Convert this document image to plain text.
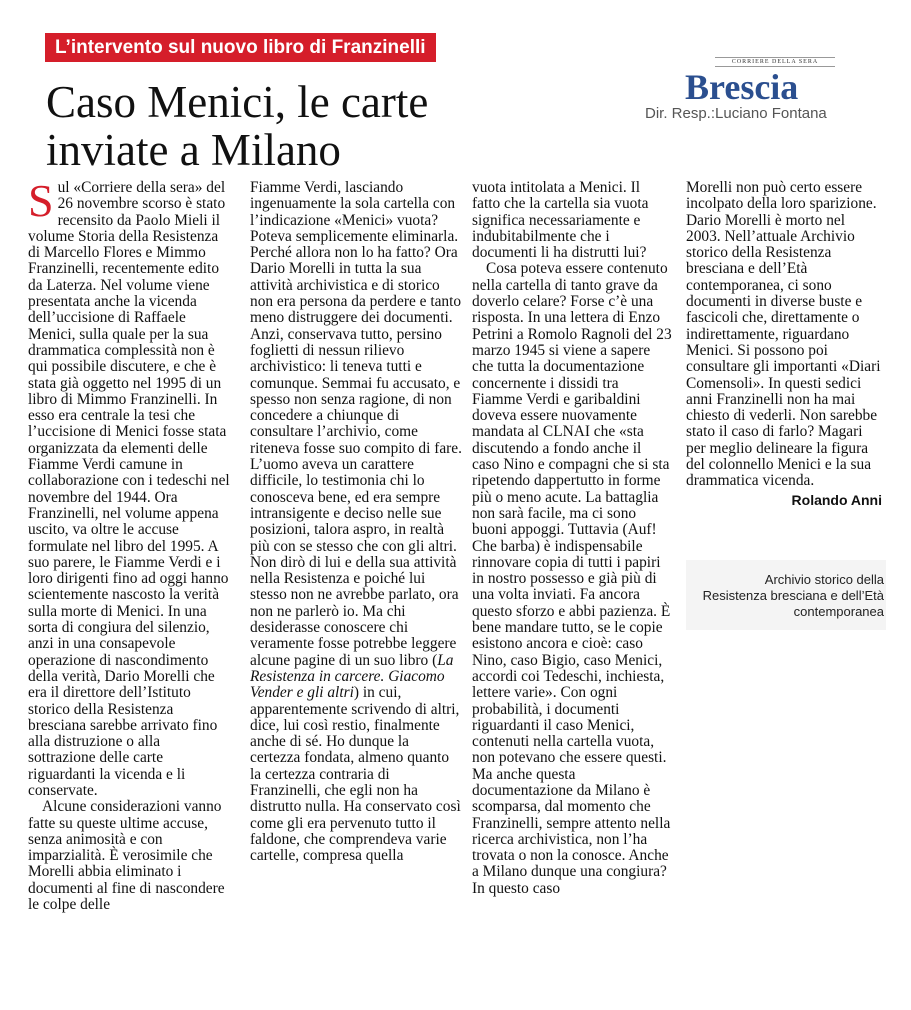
L’intervento sul nuovo libro di Franzinelli
Caso Menici, le carte inviate a Milano
CORRIERE DELLA SERA
Brescia
Dir. Resp.:Luciano Fontana

Sul «Corriere della sera» del 26 novembre scorso è stato recensito da Paolo Mieli il volume Storia della Resistenza di Marcello Flores e Mimmo Franzinelli, recentemente edito da Laterza. Nel volume viene presentata anche la vicenda dell’uccisione di Raffaele Menici, sulla quale per la sua drammatica complessità non è qui possibile discutere, e che è stata già oggetto nel 1995 di un libro di Mimmo Franzinelli. In esso era centrale la tesi che l’uccisione di Menici fosse stata organizzata da elementi delle Fiamme Verdi camune in collaborazione con i tedeschi nel novembre del 1944. Ora Franzinelli, nel volume appena uscito, va oltre le accuse formulate nel libro del 1995. A suo parere, le Fiamme Verdi e i loro dirigenti fino ad oggi hanno scientemente nascosto la verità sulla morte di Menici. In una sorta di congiura del silenzio, anzi in una consapevole operazione di nascondimento della verità, Dario Morelli che era il direttore dell’Istituto storico della Resistenza bresciana sarebbe arrivato fino alla distruzione o alla sottrazione delle carte riguardanti la vicenda e li conservate.

Alcune considerazioni vanno fatte su queste ultime accuse, senza animosità e con imparzialità. È verosimile che Morelli abbia eliminato i documenti al fine di nascondere le colpe delle

Fiamme Verdi, lasciando ingenuamente la sola cartella con l’indicazione «Menici» vuota? Poteva semplicemente eliminarla. Perché allora non lo ha fatto? Ora Dario Morelli in tutta la sua attività archivistica e di storico non era persona da perdere e tanto meno distruggere dei documenti. Anzi, conservava tutto, persino foglietti di nessun rilievo archivistico: li teneva tutti e comunque. Semmai fu accusato, e spesso non senza ragione, di non concedere a chiunque di consultare l’archivio, come riteneva fosse suo compito di fare. L’uomo aveva un carattere difficile, lo testimonia chi lo conosceva bene, ed era sempre intransigente e deciso nelle sue posizioni, talora aspro, in realtà più con se stesso che con gli altri. Non dirò di lui e della sua attività nella Resistenza e poiché lui stesso non ne avrebbe parlato, ora non ne parlerò io. Ma chi desiderasse conoscere chi veramente fosse potrebbe leggere alcune pagine di un suo libro (La Resistenza in carcere. Giacomo Vender e gli altri) in cui, apparentemente scrivendo di altri, dice, lui così restio, finalmente anche di sé. Ho dunque la certezza fondata, almeno quanto la certezza contraria di Franzinelli, che egli non ha distrutto nulla. Ha conservato così come gli era pervenuto tutto il faldone, che comprendeva varie cartelle, compresa quella

vuota intitolata a Menici. Il fatto che la cartella sia vuota significa necessariamente e indubitabilmente che i documenti li ha distrutti lui?

Cosa poteva essere contenuto nella cartella di tanto grave da doverlo celare? Forse c’è una risposta. In una lettera di Enzo Petrini a Romolo Ragnoli del 23 marzo 1945 si viene a sapere che tutta la documentazione concernente i dissidi tra Fiamme Verdi e garibaldini doveva essere nuovamente mandata al CLNAI che «sta discutendo a fondo anche il caso Nino e compagni che si sta ripetendo dappertutto in forme più o meno acute. La battaglia non sarà facile, ma ci sono buoni appoggi. Tuttavia (Auf! Che barba) è indispensabile rinnovare copia di tutti i papiri in nostro possesso e già più di una volta inviati. Fa ancora questo sforzo e abbi pazienza. È bene mandare tutto, se le copie esistono ancora e cioè: caso Nino, caso Bigio, caso Menici, accordi coi Tedeschi, inchiesta, lettere varie». Con ogni probabilità, i documenti riguardanti il caso Menici, contenuti nella cartella vuota, non potevano che essere questi. Ma anche questa documentazione da Milano è scomparsa, dal momento che Franzinelli, sempre attento nella ricerca archivistica, non l’ha trovata o non la conosce. Anche a Milano dunque una congiura? In questo caso

Morelli non può certo essere incolpato della loro sparizione. Dario Morelli è morto nel 2003. Nell’attuale Archivio storico della Resistenza bresciana e dell’Età contemporanea, ci sono documenti in diverse buste e fascicoli che, direttamente o indirettamente, riguardano Menici. Si possono poi consultare gli importanti «Diari Comensoli». In questi sedici anni Franzinelli non ha mai chiesto di vederli. Non sarebbe stato il caso di farlo? Magari per meglio delineare la figura del colonnello Menici e la sua drammatica vicenda.

Rolando Anni
Archivio storico della Resistenza bresciana e dell’Età contemporanea
